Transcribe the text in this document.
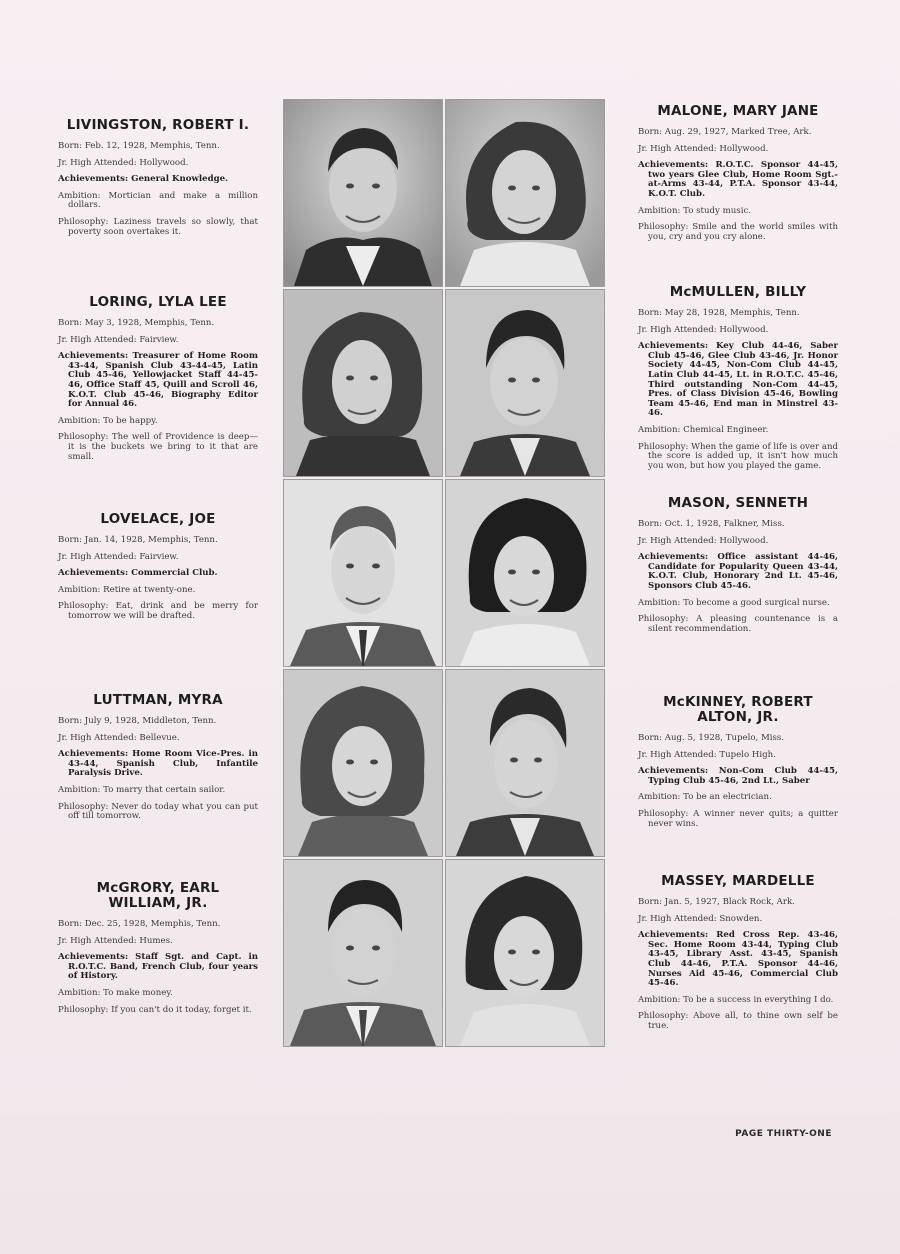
LIVINGSTON, ROBERT I.
Born: Feb. 12, 1928, Memphis, Tenn.
Jr. High Attended: Hollywood.
Achievements: General Knowledge.
Ambition: Mortician and make a million dollars.
Philosophy: Laziness travels so slowly, that poverty soon overtakes it.
LORING, LYLA LEE
Born: May 3, 1928, Memphis, Tenn.
Jr. High Attended: Fairview.
Achievements: Treasurer of Home Room 43-44, Spanish Club 43-44-45, Latin Club 45-46, Yellowjacket Staff 44-45-46, Office Staff 45, Quill and Scroll 46, K.O.T. Club 45-46, Biography Editor for Annual 46.
Ambition: To be happy.
Philosophy: The well of Providence is deep—it is the buckets we bring to it that are small.
LOVELACE, JOE
Born: Jan. 14, 1928, Memphis, Tenn.
Jr. High Attended: Fairview.
Achievements: Commercial Club.
Ambition: Retire at twenty-one.
Philosophy: Eat, drink and be merry for tomorrow we will be drafted.
LUTTMAN, MYRA
Born: July 9, 1928, Middleton, Tenn.
Jr. High Attended: Bellevue.
Achievements: Home Room Vice-Pres. in 43-44, Spanish Club, Infantile Paralysis Drive.
Ambition: To marry that certain sailor.
Philosophy: Never do today what you can put off till tomorrow.
McGRORY, EARL WILLIAM, JR.
Born: Dec. 25, 1928, Memphis, Tenn.
Jr. High Attended: Humes.
Achievements: Staff Sgt. and Capt. in R.O.T.C. Band, French Club, four years of History.
Ambition: To make money.
Philosophy: If you can't do it today, forget it.
MALONE, MARY JANE
Born: Aug. 29, 1927, Marked Tree, Ark.
Jr. High Attended: Hollywood.
Achievements: R.O.T.C. Sponsor 44-45, two years Glee Club, Home Room Sgt.-at-Arms 43-44, P.T.A. Sponsor 43-44, K.O.T. Club.
Ambition: To study music.
Philosophy: Smile and the world smiles with you, cry and you cry alone.
McMULLEN, BILLY
Born: May 28, 1928, Memphis, Tenn.
Jr. High Attended: Hollywood.
Achievements: Key Club 44-46, Saber Club 45-46, Glee Club 43-46, Jr. Honor Society 44-45, Non-Com Club 44-45, Latin Club 44-45, Lt. in R.O.T.C. 45-46, Third outstanding Non-Com 44-45, Pres. of Class Division 45-46, Bowling Team 45-46, End man in Minstrel 43-46.
Ambition: Chemical Engineer.
Philosophy: When the game of life is over and the score is added up, it isn't how much you won, but how you played the game.
MASON, SENNETH
Born: Oct. 1, 1928, Falkner, Miss.
Jr. High Attended: Hollywood.
Achievements: Office assistant 44-46, Candidate for Popularity Queen 43-44, K.O.T. Club, Honorary 2nd Lt. 45-46, Sponsors Club 45-46.
Ambition: To become a good surgical nurse.
Philosophy: A pleasing countenance is a silent recommendation.
McKINNEY, ROBERT ALTON, JR.
Born: Aug. 5, 1928, Tupelo, Miss.
Jr. High Attended: Tupelo High.
Achievements: Non-Com Club 44-45, Typing Club 45-46, 2nd Lt., Saber
Ambition: To be an electrician.
Philosophy: A winner never quits; a quitter never wins.
MASSEY, MARDELLE
Born: Jan. 5, 1927, Black Rock, Ark.
Jr. High Attended: Snowden.
Achievements: Red Cross Rep. 43-46, Sec. Home Room 43-44, Typing Club 43-45, Library Asst. 43-45, Spanish Club 44-46, P.T.A. Sponsor 44-46, Nurses Aid 45-46, Commercial Club 45-46.
Ambition: To be a success in everything I do.
Philosophy: Above all, to thine own self be true.
PAGE THIRTY-ONE
